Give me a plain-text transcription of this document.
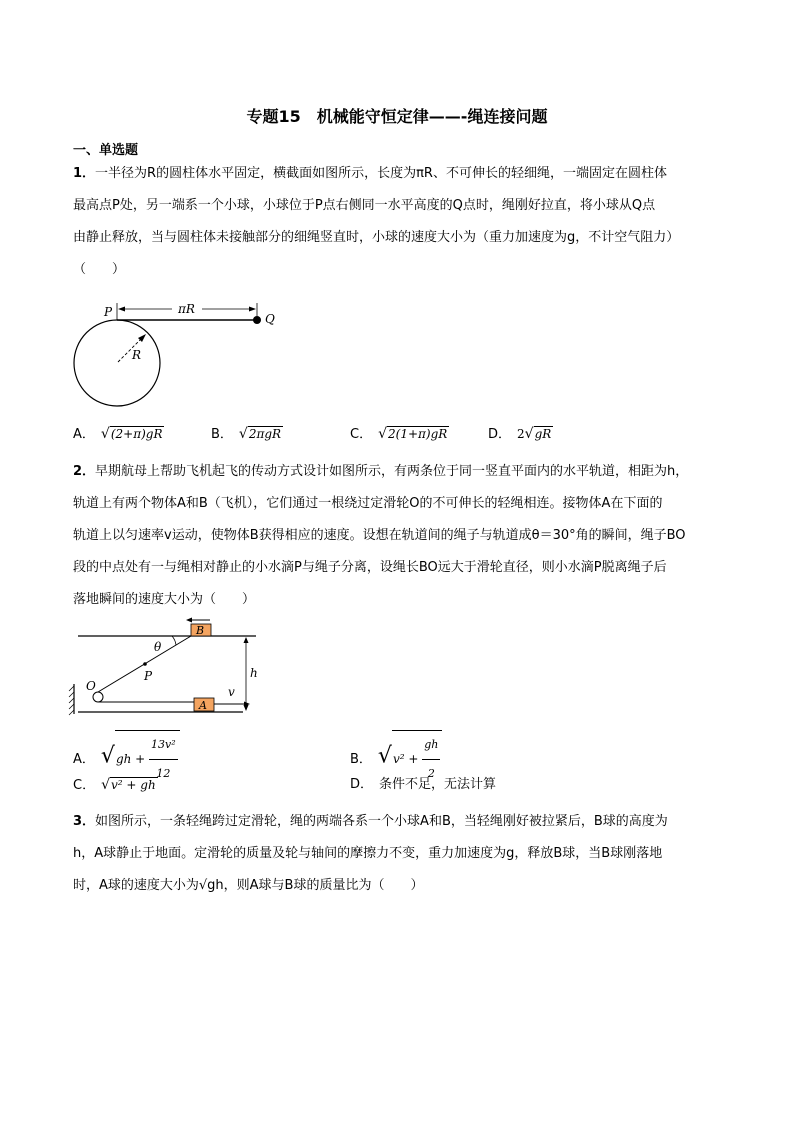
专题15　机械能守恒定律——-绳连接问题
一、单选题
1．一半径为R的圆柱体水平固定，横截面如图所示，长度为πR、不可伸长的轻细绳，一端固定在圆柱体
最高点P处，另一端系一个小球，小球位于P点右侧同一水平高度的Q点时，绳刚好拉直，将小球从Q点
由静止释放，当与圆柱体未接触部分的细绳竖直时，小球的速度大小为（重力加速度为g，不计空气阻力）
（　　）
πR
P	Q
R
A． √(2+π)gR	B． √2πgR	C． √2(1+π)gR	D． 2√gR
2．早期航母上帮助飞机起飞的传动方式设计如图所示，有两条位于同一竖直平面内的水平轨道，相距为h，
轨道上有两个物体A和B（飞机），它们通过一根绕过定滑轮O的不可伸长的轻绳相连。接物体A在下面的
轨道上以匀速率v运动，使物体B获得相应的速度。设想在轨道间的绳子与轨道成θ＝30°角的瞬间，绳子BO
段的中点处有一与绳相对静止的小水滴P与绳子分离，设绳长BO远大于滑轮直径，则小水滴P脱离绳子后
落地瞬间的速度大小为（　　）
B
A
v
θ
P
O
h
A． $√gh + \frac{\text{13v²}}{12}$	B． $√v^2 + \frac{gh}{2}$
C． √v² + gh	D． 条件不足，无法计算
3．如图所示，一条轻绳跨过定滑轮，绳的两端各系一个小球A和B，当轻绳刚好被拉紧后，B球的高度为
h，A球静止于地面。定滑轮的质量及轮与轴间的摩擦力不变，重力加速度为g，释放B球，当B球刚落地
时，A球的速度大小为√gh，则A球与B球的质量比为（　　）
